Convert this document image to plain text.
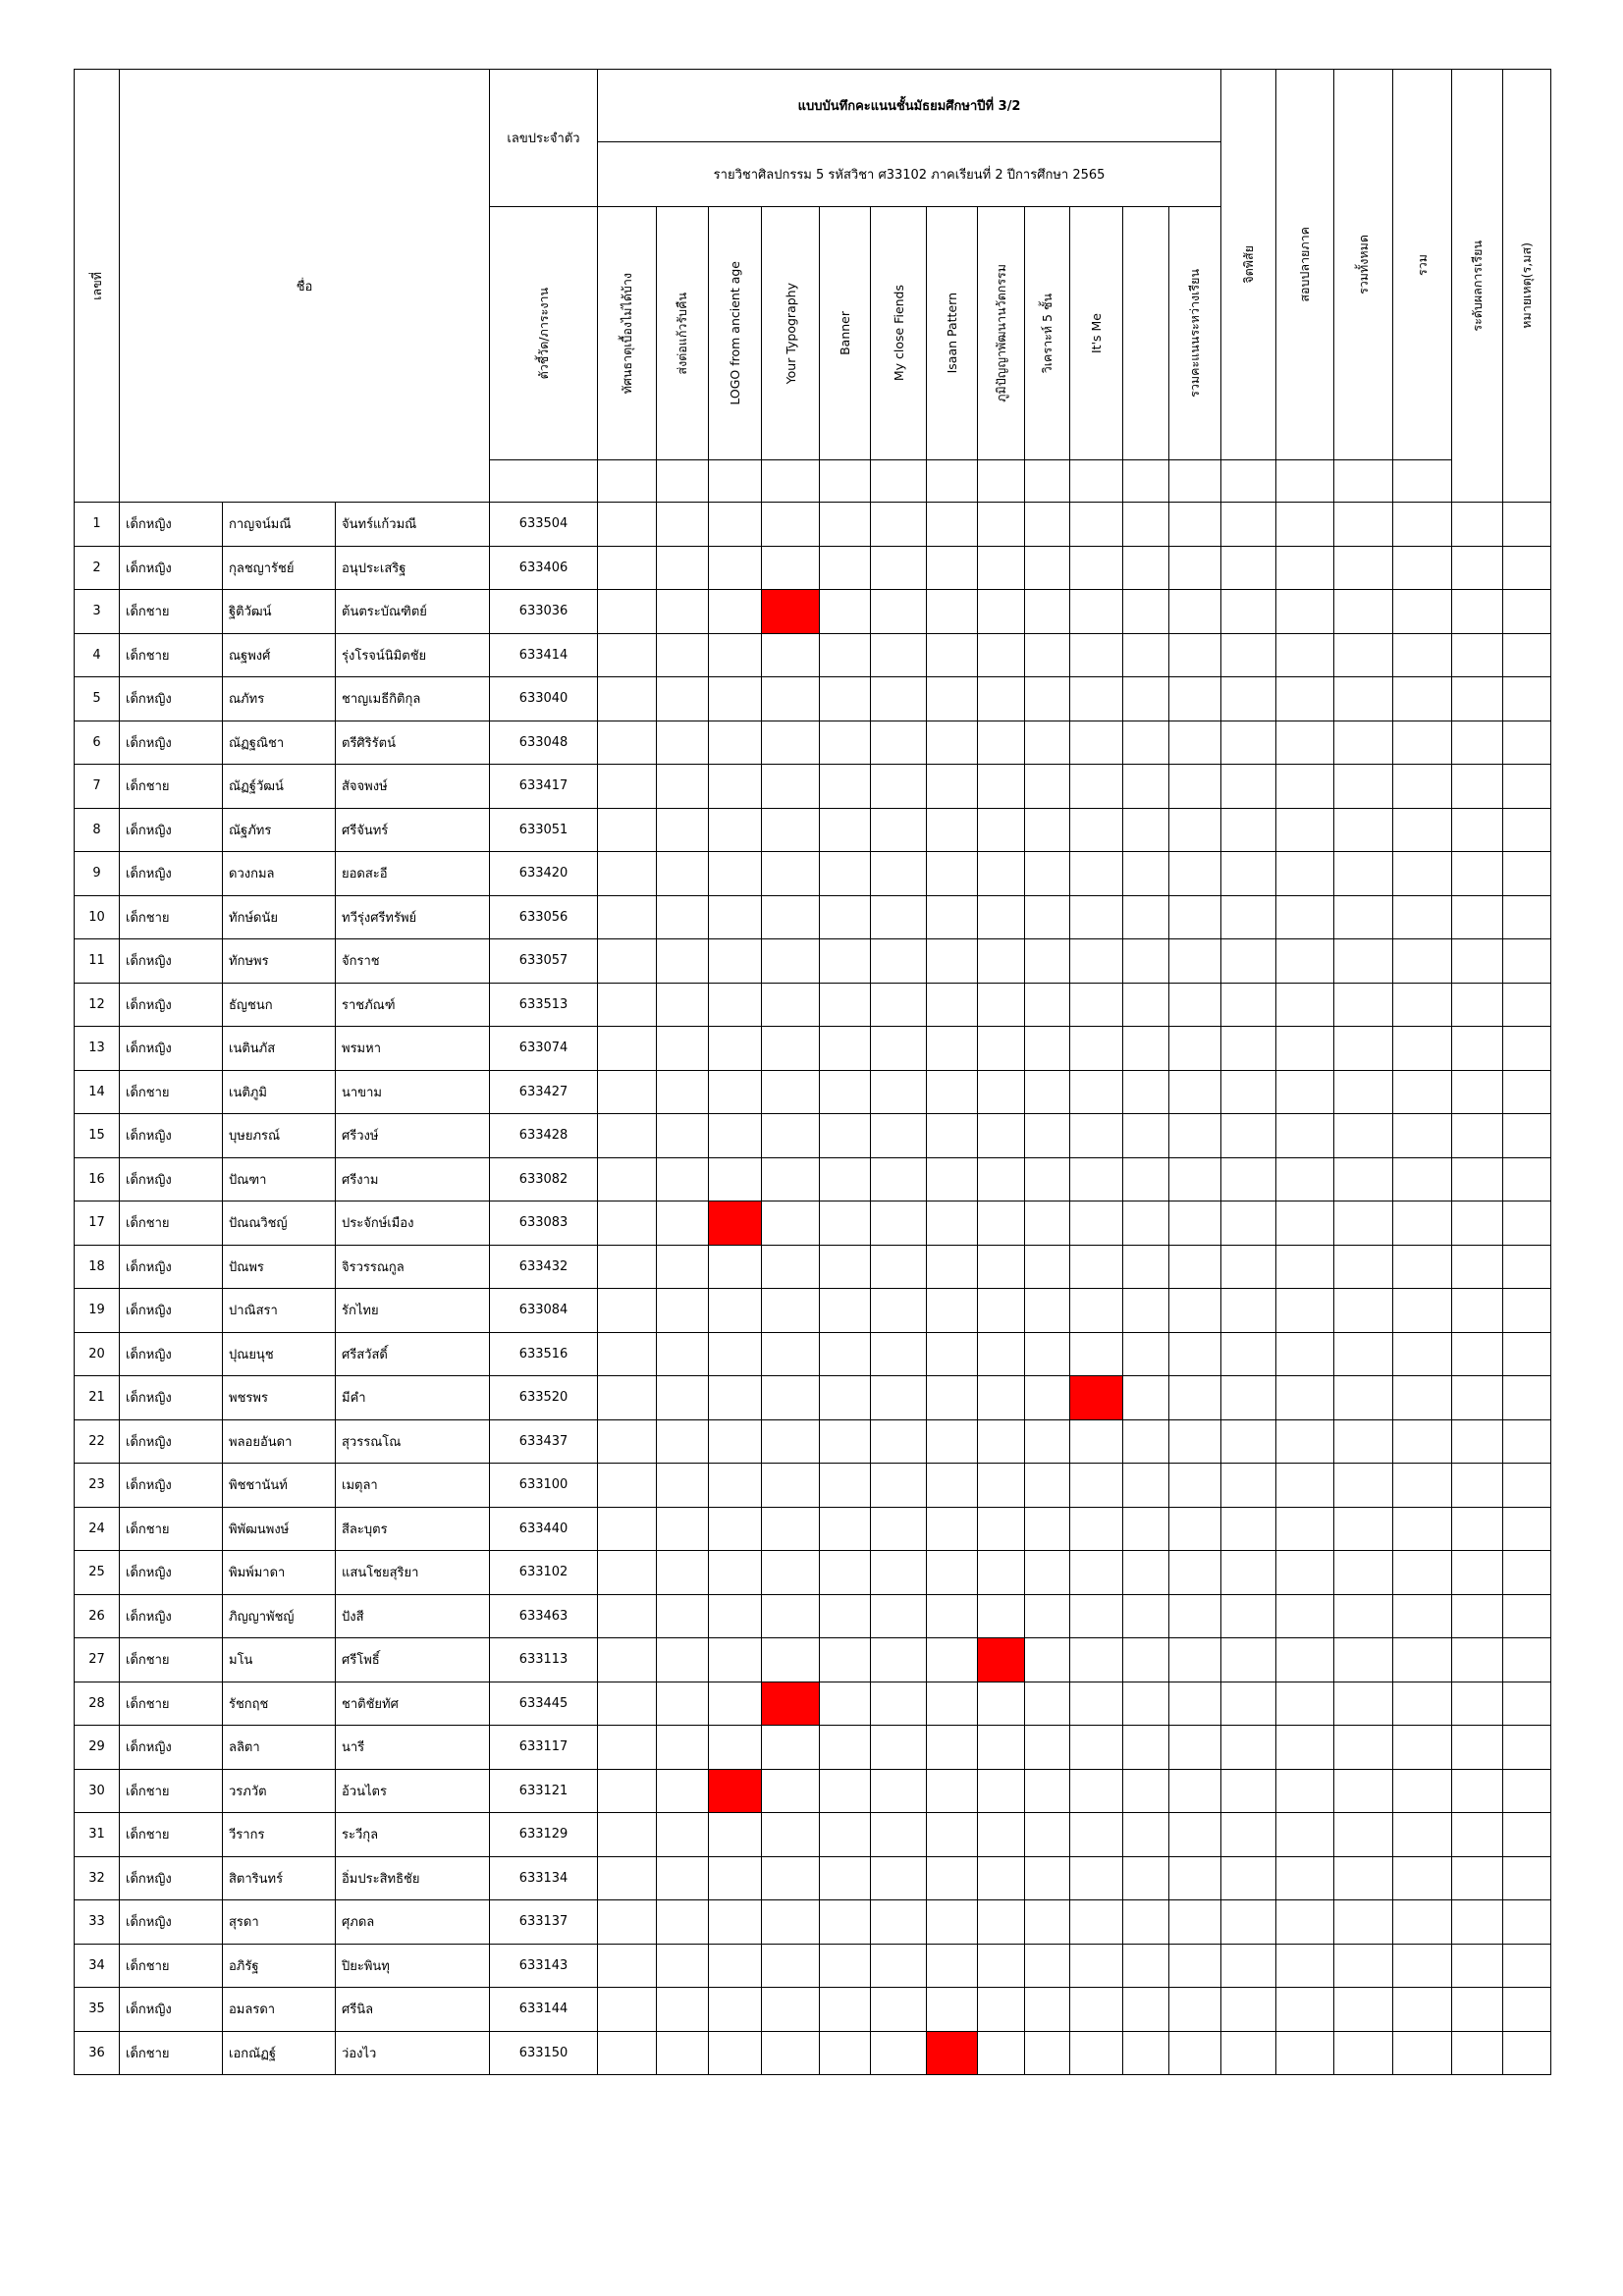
เลขที่	ชื่อ			เลขประจำตัว	แบบบันทึกคะแนนชั้นมัธยมศึกษาปีที่ 3/2												จิตพิสัย	สอบปลายภาค	รวมทั้งหมด	รวม	ระดับผลการเรียน	หมายเหตุ(ร,มส)

					รายวิชาศิลปกรรม 5 รหัสวิชา ศ33102 ภาคเรียนที่ 2 ปีการศึกษา 2565																	

				ตัวชี้วัด/ภาระงาน	ทัศนธาตุเบื้องไม่ได้บ้าง	ส่งต่อแก้วรับคืน	LOGO from ancient age	Your Typography	Banner	My close Fiends	Isaan Pattern	ภูมิปัญญาพัฒนานวัตกรรม	วิเคราะห์ 5 ชั้น	It's Me		รวมคะแนนระหว่างเรียน						

1	เด็กหญิง	กาญจน์มณี	จันทร์แก้วมณี	633504																		
2	เด็กหญิง	กุลชญารัชย์	อนุประเสริฐ	633406																		
3	เด็กชาย	ฐิติวัฒน์	ต้นตระบัณฑิตย์	633036																		
4	เด็กชาย	ณฐพงศ์	รุ่งโรจน์นิมิตชัย	633414																		
5	เด็กหญิง	ณภัทร	ชาญเมธีกิติกุล	633040																		
6	เด็กหญิง	ณัฏฐณิชา	ตรีศิริรัตน์	633048																		
7	เด็กชาย	ณัฏฐ์วัฒน์	สัจจพงษ์	633417																		
8	เด็กหญิง	ณัฐภัทร	ศรีจันทร์	633051																		
9	เด็กหญิง	ดวงกมล	ยอดสะอี	633420																		
10	เด็กชาย	ทักษ์ดนัย	ทวีรุ่งศรีทรัพย์	633056																		
11	เด็กหญิง	ทักษพร	จักราช	633057																		
12	เด็กหญิง	ธัญชนก	ราชภัณฑ์	633513																		
13	เด็กหญิง	เนตินภัส	พรมหา	633074																		
14	เด็กชาย	เนติภูมิ	นาขาม	633427																		
15	เด็กหญิง	บุษยภรณ์	ศรีวงษ์	633428																		
16	เด็กหญิง	ปัณฑา	ศรีงาม	633082																		
17	เด็กชาย	ปัณณวิชญ์	ประจักษ์เมือง	633083																		
18	เด็กหญิง	ปัณพร	จิรวรรณกูล	633432																		
19	เด็กหญิง	ปาณิสรา	รักไทย	633084																		
20	เด็กหญิง	ปุณยนุช	ศรีสวัสดิ์	633516																		
21	เด็กหญิง	พชรพร	มีคำ	633520																		
22	เด็กหญิง	พลอยอันดา	สุวรรณโณ	633437																		
23	เด็กหญิง	พิชชานันท์	เมตุลา	633100																		
24	เด็กชาย	พิพัฒนพงษ์	สีละบุตร	633440																		
25	เด็กหญิง	พิมพ์มาดา	แสนโชยสุริยา	633102																		
26	เด็กหญิง	ภิญญาพัชญ์	ปังสี	633463																		
27	เด็กชาย	มโน	ศรีโพธิ์	633113																		
28	เด็กชาย	รัชกฤช	ชาติชัยทัศ	633445																		
29	เด็กหญิง	ลลิตา	นารี	633117																		
30	เด็กชาย	วรภวัต	อ้วนไตร	633121																		
31	เด็กชาย	วีรากร	ระวีกุล	633129																		
32	เด็กหญิง	สิตารินทร์	อิ่มประสิทธิชัย	633134																		
33	เด็กหญิง	สุรดา	ศุภดล	633137																		
34	เด็กชาย	อภิรัฐ	ปิยะพินทุ	633143																		
35	เด็กหญิง	อมลรดา	ศรีนิล	633144																		
36	เด็กชาย	เอกณัฏฐ์	ว่องไว	633150																		
